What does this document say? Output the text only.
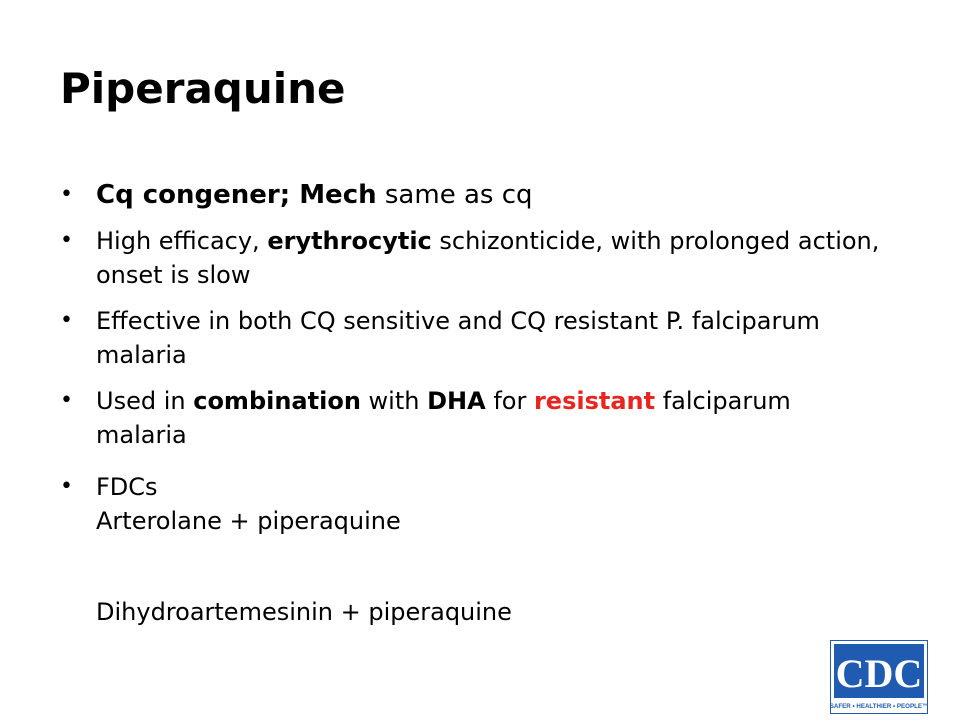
Piperaquine
• Cq congener; Mech same as cq
• High efficacy, erythrocytic schizonticide, with prolonged action, onset is slow
• Effective in both CQ sensitive and CQ resistant P. falciparum malaria
• Used in combination with DHA for resistant falciparum malaria
• FDCs
Arterolane + piperaquine
Dihydroartemesinin + piperaquine
CDC
SAFER • HEALTHIER • PEOPLE™
